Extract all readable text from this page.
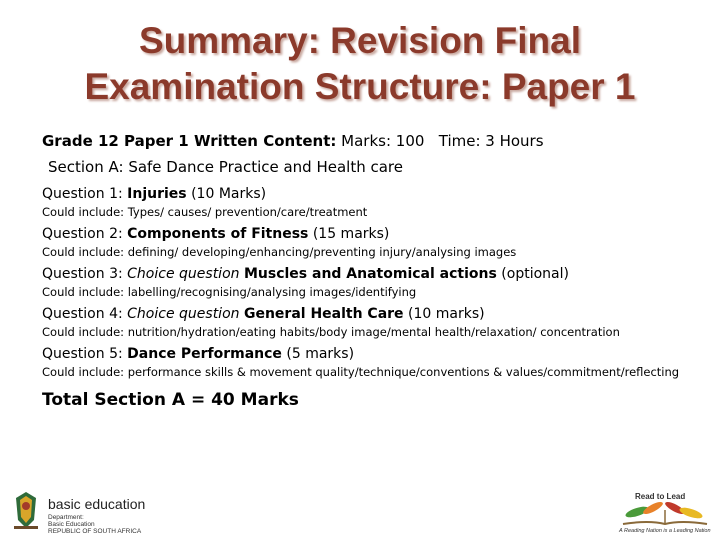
Summary: Revision Final
Examination Structure: Paper 1

Grade 12 Paper 1 Written Content: Marks: 100 Time: 3 Hours

Section A: Safe Dance Practice and Health care

Question 1: Injuries (10 Marks)

Could include: Types/ causes/ prevention/care/treatment

Question 2: Components of Fitness (15 marks)

Could include: defining/ developing/enhancing/preventing injury/analysing images

Question 3: Choice question Muscles and Anatomical actions (optional)

Could include: labelling/recognising/analysing images/identifying

Question 4: Choice question General Health Care (10 marks)

Could include: nutrition/hydration/eating habits/body image/mental health/relaxation/ concentration

Question 5: Dance Performance (5 marks)

Could include: performance skills & movement quality/technique/conventions & values/commitment/reflecting

Total Section A = 40 Marks

basic education
Department:
Basic Education
REPUBLIC OF SOUTH AFRICA
Read to Lead
A Reading Nation is a Leading Nation
